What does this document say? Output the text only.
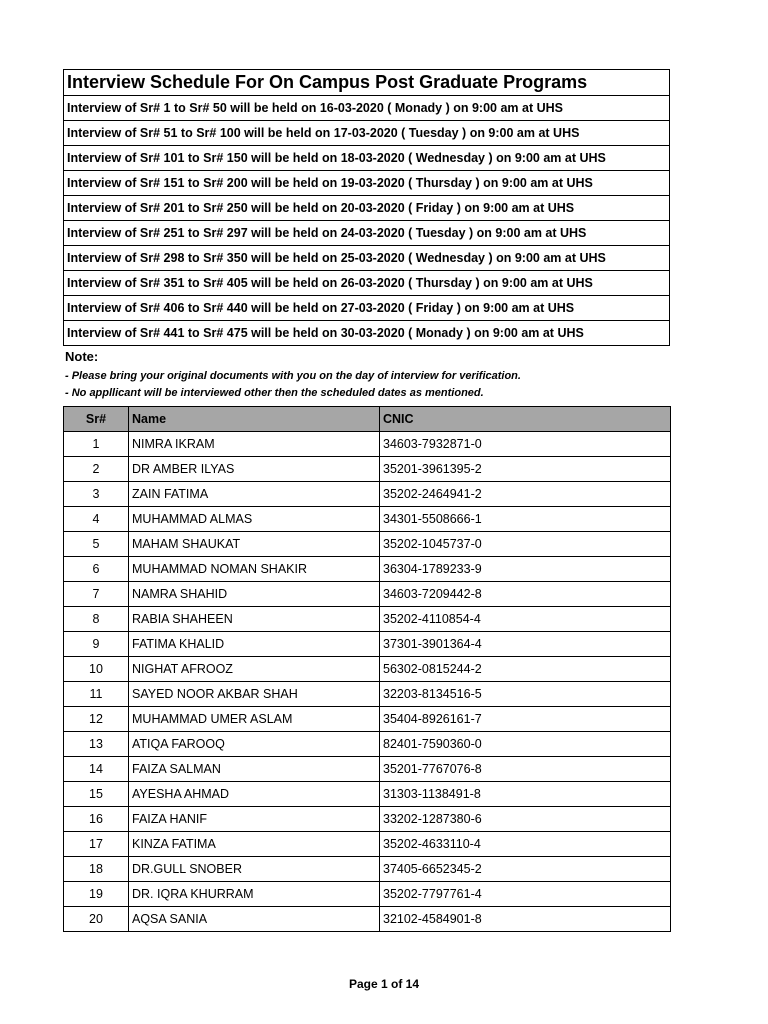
Interview Schedule For On Campus Post Graduate Programs
Interview of Sr# 1 to Sr# 50 will be held on 16-03-2020 ( Monady ) on 9:00 am at UHS
Interview of Sr# 51 to Sr# 100 will be held on 17-03-2020 ( Tuesday ) on 9:00 am at UHS
Interview of Sr# 101 to Sr# 150 will be held on 18-03-2020 ( Wednesday ) on 9:00 am at UHS
Interview of Sr# 151 to Sr# 200 will be held on 19-03-2020 ( Thursday ) on 9:00 am at UHS
Interview of Sr# 201 to Sr# 250 will be held on 20-03-2020 ( Friday ) on 9:00 am at UHS
Interview of Sr# 251 to Sr# 297 will be held on 24-03-2020 ( Tuesday ) on 9:00 am at UHS
Interview of Sr# 298 to Sr# 350 will be held on 25-03-2020 ( Wednesday ) on 9:00 am at UHS
Interview of Sr# 351 to Sr# 405 will be held on 26-03-2020 ( Thursday ) on 9:00 am at UHS
Interview of Sr# 406 to Sr# 440 will be held on 27-03-2020 ( Friday ) on 9:00 am at UHS
Interview of Sr# 441 to Sr# 475 will be held on 30-03-2020 ( Monady ) on 9:00 am at UHS
Note:
- Please bring your original documents with you on the day of interview for verification.
- No appllicant will be interviewed other then the scheduled dates as mentioned.
Sr#	Name	CNIC
1	NIMRA IKRAM	34603-7932871-0
2	DR AMBER ILYAS	35201-3961395-2
3	ZAIN FATIMA	35202-2464941-2
4	MUHAMMAD ALMAS	34301-5508666-1
5	MAHAM SHAUKAT	35202-1045737-0
6	MUHAMMAD NOMAN SHAKIR	36304-1789233-9
7	NAMRA SHAHID	34603-7209442-8
8	RABIA SHAHEEN	35202-4110854-4
9	FATIMA KHALID	37301-3901364-4
10	NIGHAT AFROOZ	56302-0815244-2
11	SAYED NOOR AKBAR SHAH	32203-8134516-5
12	MUHAMMAD UMER ASLAM	35404-8926161-7
13	ATIQA FAROOQ	82401-7590360-0
14	FAIZA SALMAN	35201-7767076-8
15	AYESHA AHMAD	31303-1138491-8
16	FAIZA HANIF	33202-1287380-6
17	KINZA FATIMA	35202-4633110-4
18	DR.GULL SNOBER	37405-6652345-2
19	DR. IQRA KHURRAM	35202-7797761-4
20	AQSA SANIA	32102-4584901-8
Page 1 of 14
